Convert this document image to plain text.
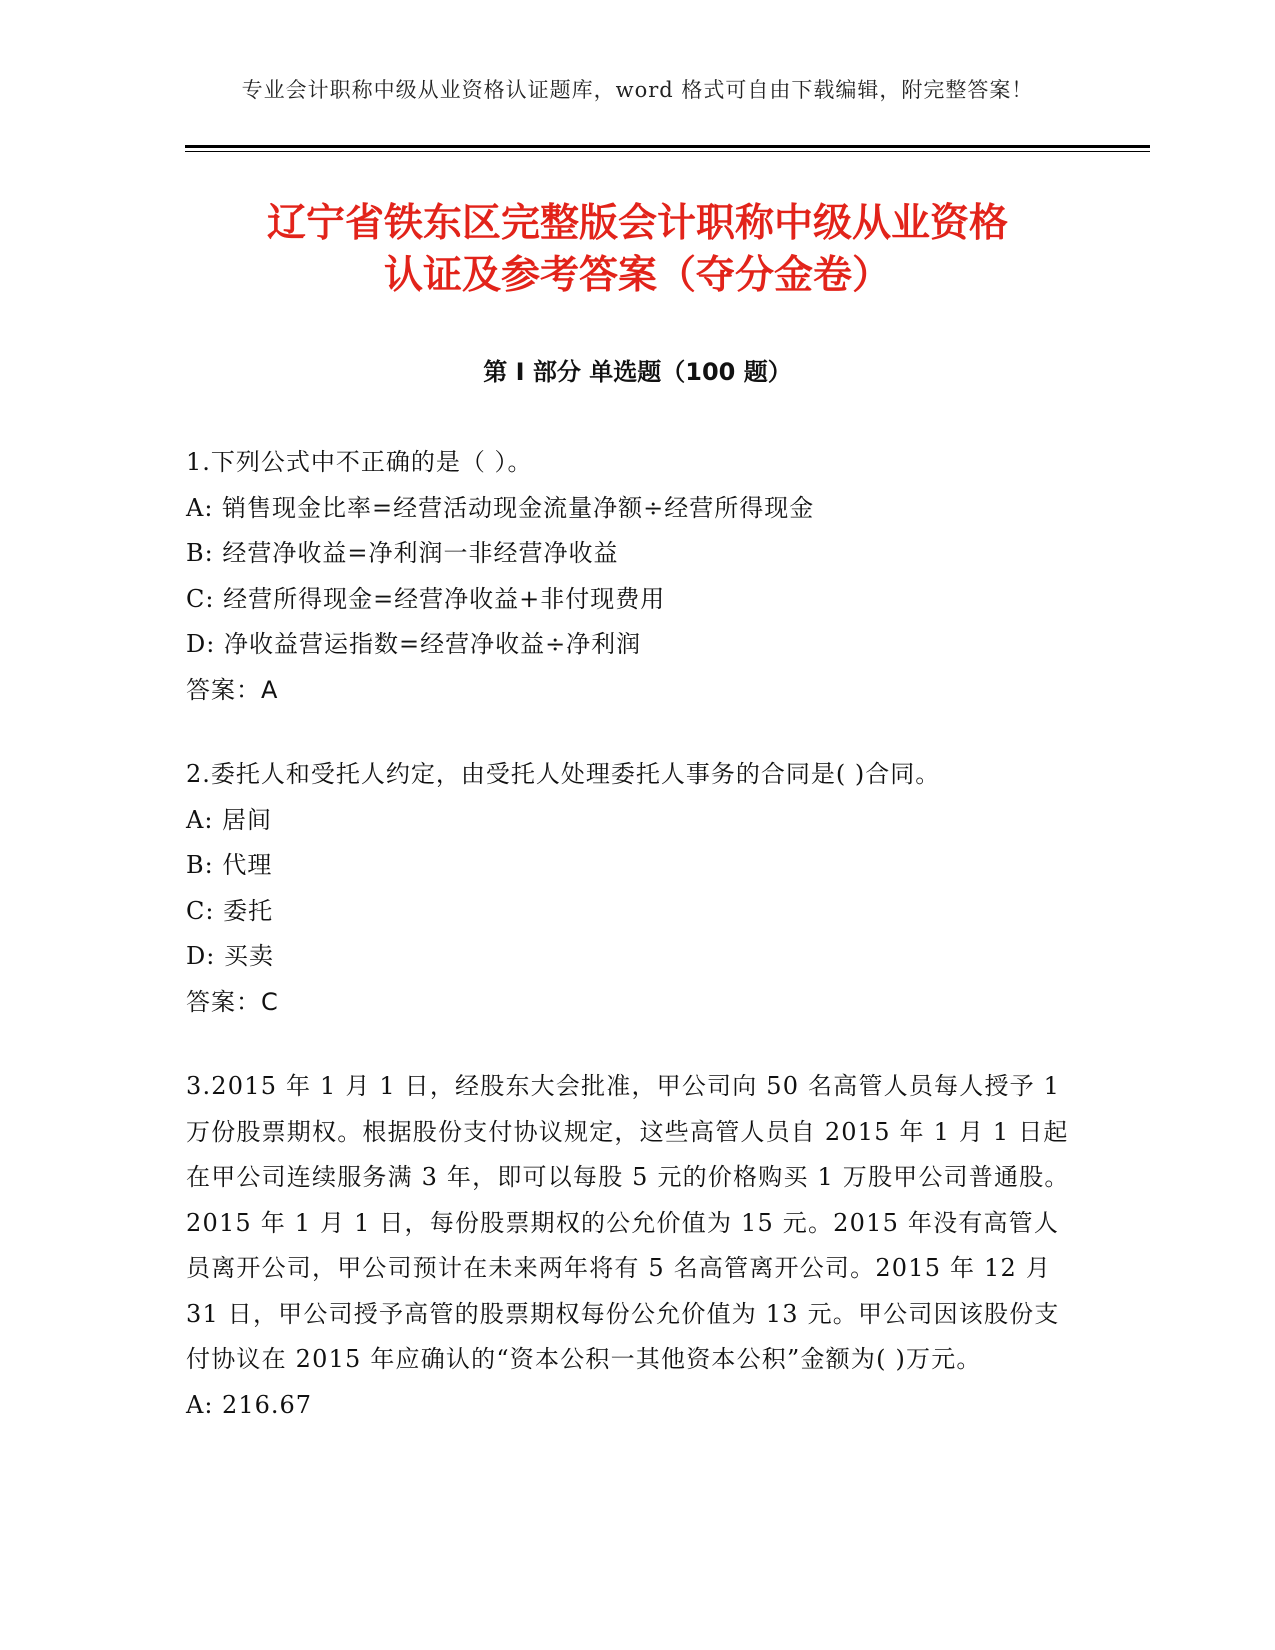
专业会计职称中级从业资格认证题库，word 格式可自由下载编辑，附完整答案！
辽宁省铁东区完整版会计职称中级从业资格
认证及参考答案（夺分金卷）
第 I 部分 单选题（100 题）
1.下列公式中不正确的是（ ）。
A: 销售现金比率=经营活动现金流量净额÷经营所得现金
B: 经营净收益=净利润一非经营净收益
C: 经营所得现金=经营净收益+非付现费用
D: 净收益营运指数=经营净收益÷净利润
答案：A
2.委托人和受托人约定，由受托人处理委托人事务的合同是( )合同。
A: 居间
B: 代理
C: 委托
D: 买卖
答案：C
3.2015 年 1 月 1 日，经股东大会批准，甲公司向 50 名高管人员每人授予 1 万份股票期权。根据股份支付协议规定，这些高管人员自 2015 年 1 月 1 日起在甲公司连续服务满 3 年，即可以每股 5 元的价格购买 1 万股甲公司普通股。2015 年 1 月 1 日，每份股票期权的公允价值为 15 元。2015 年没有高管人员离开公司，甲公司预计在未来两年将有 5 名高管离开公司。2015 年 12 月 31 日，甲公司授予高管的股票期权每份公允价值为 13 元。甲公司因该股份支付协议在 2015 年应确认的“资本公积一其他资本公积”金额为( )万元。
A: 216.67
